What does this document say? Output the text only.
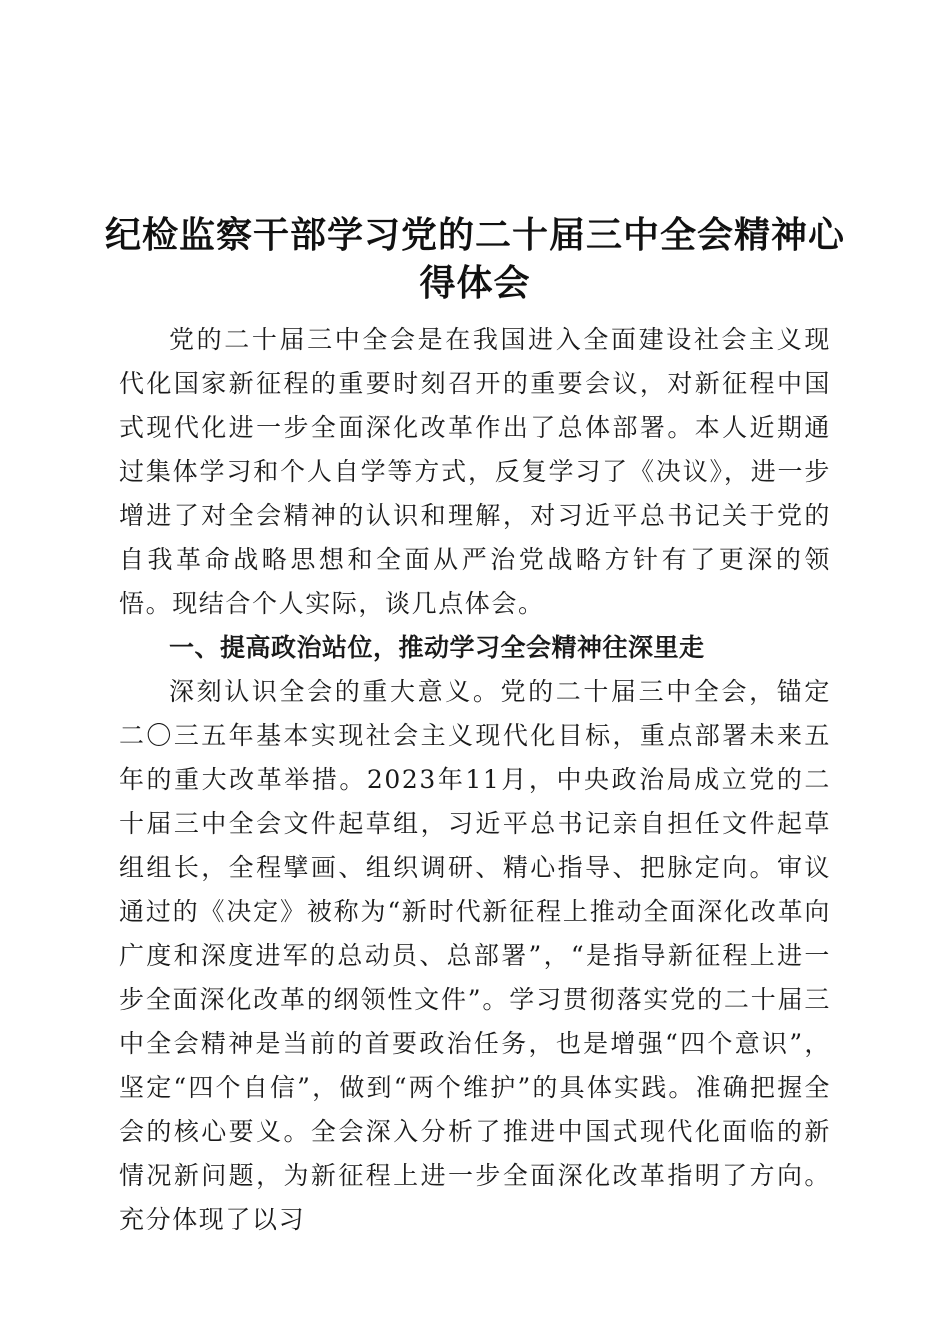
纪检监察干部学习党的二十届三中全会精神心得体会

党的二十届三中全会是在我国进入全面建设社会主义现代化国家新征程的重要时刻召开的重要会议，对新征程中国式现代化进一步全面深化改革作出了总体部署。本人近期通过集体学习和个人自学等方式，反复学习了《决议》，进一步增进了对全会精神的认识和理解，对习近平总书记关于党的自我革命战略思想和全面从严治党战略方针有了更深的领悟。现结合个人实际，谈几点体会。

一、提高政治站位，推动学习全会精神往深里走

深刻认识全会的重大意义。党的二十届三中全会，锚定二〇三五年基本实现社会主义现代化目标，重点部署未来五年的重大改革举措。2023年11月，中央政治局成立党的二十届三中全会文件起草组，习近平总书记亲自担任文件起草组组长，全程擘画、组织调研、精心指导、把脉定向。审议通过的《决定》被称为“新时代新征程上推动全面深化改革向广度和深度进军的总动员、总部署”，“是指导新征程上进一步全面深化改革的纲领性文件”。学习贯彻落实党的二十届三中全会精神是当前的首要政治任务，也是增强“四个意识”，坚定“四个自信”，做到“两个维护”的具体实践。准确把握全会的核心要义。全会深入分析了推进中国式现代化面临的新情况新问题，为新征程上进一步全面深化改革指明了方向。充分体现了以习
